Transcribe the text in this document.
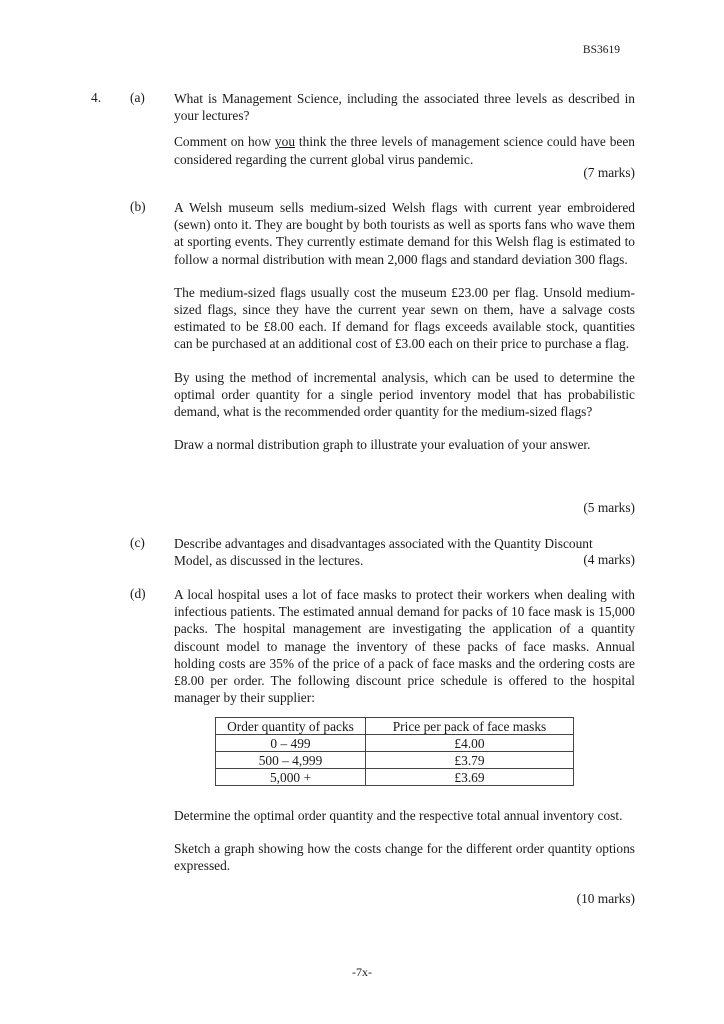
BS3619
4. (a) What is Management Science, including the associated three levels as described in your lectures?

Comment on how you think the three levels of management science could have been considered regarding the current global virus pandemic.

(7 marks)
(b) A Welsh museum sells medium-sized Welsh flags with current year embroidered (sewn) onto it. They are bought by both tourists as well as sports fans who wave them at sporting events. They currently estimate demand for this Welsh flag is estimated to follow a normal distribution with mean 2,000 flags and standard deviation 300 flags.

The medium-sized flags usually cost the museum £23.00 per flag. Unsold medium-sized flags, since they have the current year sewn on them, have a salvage costs estimated to be £8.00 each. If demand for flags exceeds available stock, quantities can be purchased at an additional cost of £3.00 each on their price to purchase a flag.

By using the method of incremental analysis, which can be used to determine the optimal order quantity for a single period inventory model that has probabilistic demand, what is the recommended order quantity for the medium-sized flags?

Draw a normal distribution graph to illustrate your evaluation of your answer.

(5 marks)
(c) Describe advantages and disadvantages associated with the Quantity Discount
Model, as discussed in the lectures.	(4 marks)
(d) A local hospital uses a lot of face masks to protect their workers when dealing with infectious patients. The estimated annual demand for packs of 10 face mask is 15,000 packs. The hospital management are investigating the application of a quantity discount model to manage the inventory of these packs of face masks. Annual holding costs are 35% of the price of a pack of face masks and the ordering costs are £8.00 per order. The following discount price schedule is offered to the hospital manager by their supplier:
Order quantity of packs	Price per pack of face masks
0 – 499	£4.00
500 – 4,999	£3.79
5,000 +	£3.69

Determine the optimal order quantity and the respective total annual inventory cost.

Sketch a graph showing how the costs change for the different order quantity options expressed.

(10 marks)
-7x-
